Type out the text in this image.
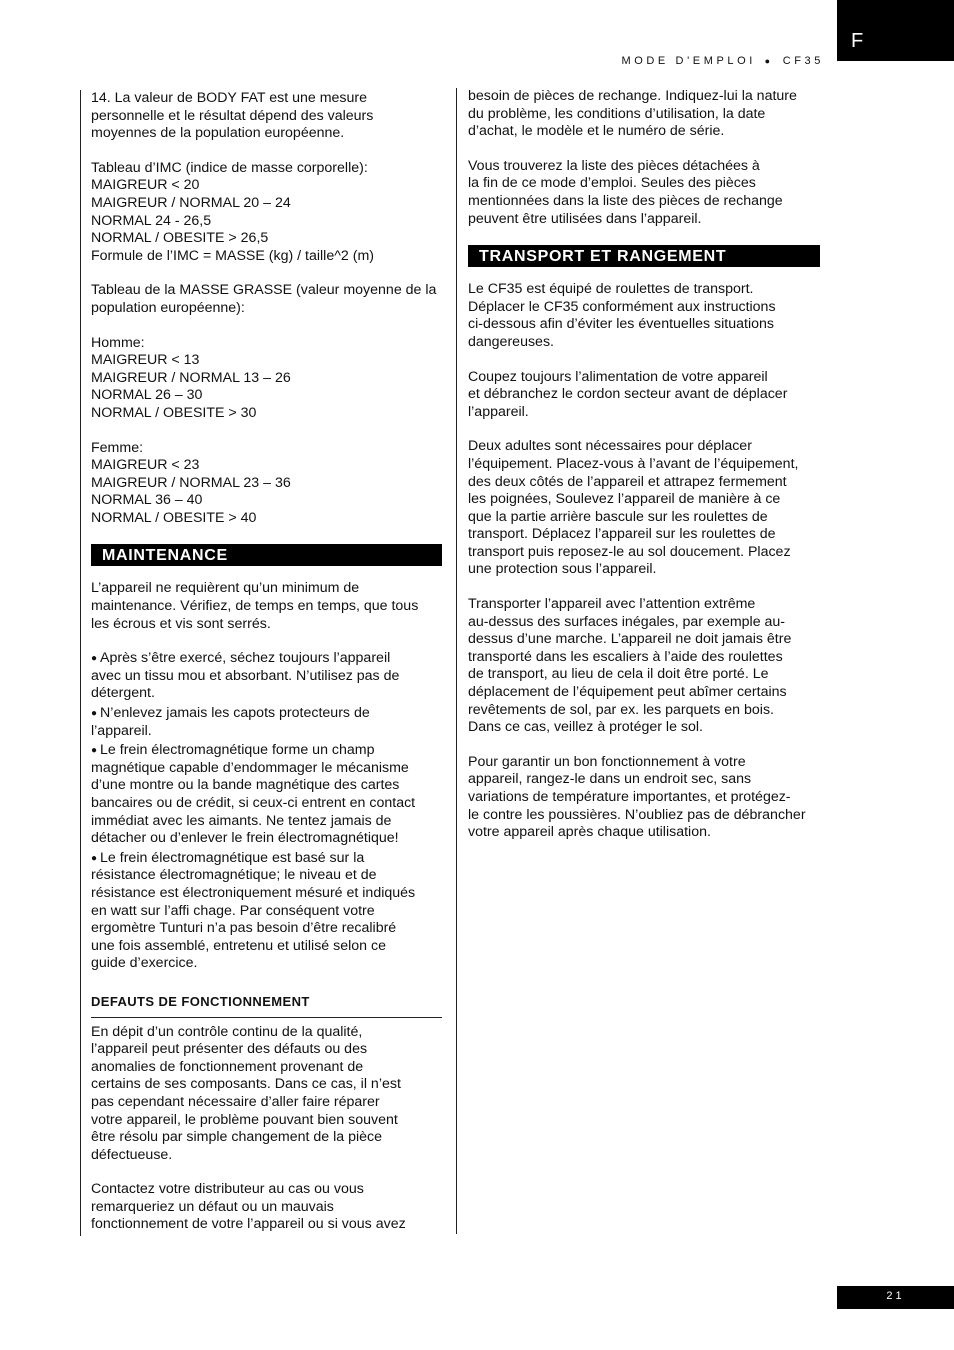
F
MODE D'EMPLOI ● CF35
14. La valeur de BODY FAT est une mesure
personnelle et le résultat dépend des valeurs
moyennes de la population européenne.
Tableau d’IMC (indice de masse corporelle):
MAIGREUR < 20
MAIGREUR / NORMAL 20 – 24
NORMAL 24 - 26,5
NORMAL / OBESITE > 26,5
Formule de l’IMC = MASSE (kg) / taille^2 (m)
Tableau de la MASSE GRASSE (valeur moyenne de la
population européenne):
Homme:
MAIGREUR < 13
MAIGREUR / NORMAL 13 – 26
NORMAL 26 – 30
NORMAL / OBESITE > 30
Femme:
MAIGREUR < 23
MAIGREUR / NORMAL 23 – 36
NORMAL 36 – 40
NORMAL / OBESITE > 40
MAINTENANCE
L’appareil ne requièrent qu’un minimum de
maintenance. Vérifiez, de temps en temps, que tous
les écrous et vis sont serrés.
● Après s’être exercé, séchez toujours l’appareil
avec un tissu mou et absorbant. N’utilisez pas de
détergent.
● N’enlevez jamais les capots protecteurs de
l’appareil.
● Le frein électromagnétique forme un champ
magnétique capable d’endommager le mécanisme
d’une montre ou la bande magnétique des cartes
bancaires ou de crédit, si ceux-ci entrent en contact
immédiat avec les aimants. Ne tentez jamais de
détacher ou d’enlever le frein électromagnétique!
● Le frein électromagnétique est basé sur la
résistance électromagnétique; le niveau et de
résistance est électroniquement mésuré et indiqués
en watt sur l’affi chage. Par conséquent votre
ergomètre Tunturi n’a pas besoin d’être recalibré
une fois assemblé, entretenu et utilisé selon ce
guide d’exercice.
DEFAUTS DE FONCTIONNEMENT
En dépit d’un contrôle continu de la qualité,
l’appareil peut présenter des défauts ou des
anomalies de fonctionnement provenant de
certains de ses composants. Dans ce cas, il n’est
pas cependant nécessaire d’aller faire réparer
votre appareil, le problème pouvant bien souvent
être résolu par simple changement de la pièce
défectueuse.
Contactez votre distributeur au cas ou vous
remarqueriez un défaut ou un mauvais
fonctionnement de votre l’appareil ou si vous avez
besoin de pièces de rechange. Indiquez-lui la nature
du problème, les conditions d’utilisation, la date
d’achat, le modèle et le numéro de série.
Vous trouverez la liste des pièces détachées à
la fin de ce mode d’emploi. Seules des pièces
mentionnées dans la liste des pièces de rechange
peuvent être utilisées dans l’appareil.
TRANSPORT ET RANGEMENT
Le CF35 est équipé de roulettes de transport.
Déplacer le CF35 conformément aux instructions
ci-dessous afin d’éviter les éventuelles situations
dangereuses.
Coupez toujours l’alimentation de votre appareil
et débranchez le cordon secteur avant de déplacer
l’appareil.
Deux adultes sont nécessaires pour déplacer
l’équipement. Placez-vous à l’avant de l’équipement,
des deux côtés de l’appareil et attrapez fermement
les poignées, Soulevez l’appareil de manière à ce
que la partie arrière bascule sur les roulettes de
transport. Déplacez l’appareil sur les roulettes de
transport puis reposez-le au sol doucement. Placez
une protection sous l’appareil.
Transporter l’appareil avec l’attention extrême
au-dessus des surfaces inégales, par exemple au-
dessus d’une marche. L’appareil ne doit jamais être
transporté dans les escaliers à l’aide des roulettes
de transport, au lieu de cela il doit être porté. Le
déplacement de l’équipement peut abîmer certains
revêtements de sol, par ex. les parquets en bois.
Dans ce cas, veillez à protéger le sol.
Pour garantir un bon fonctionnement à votre
appareil, rangez-le dans un endroit sec, sans
variations de température importantes, et protégez-
le contre les poussières. N’oubliez pas de débrancher
votre appareil après chaque utilisation.
21
